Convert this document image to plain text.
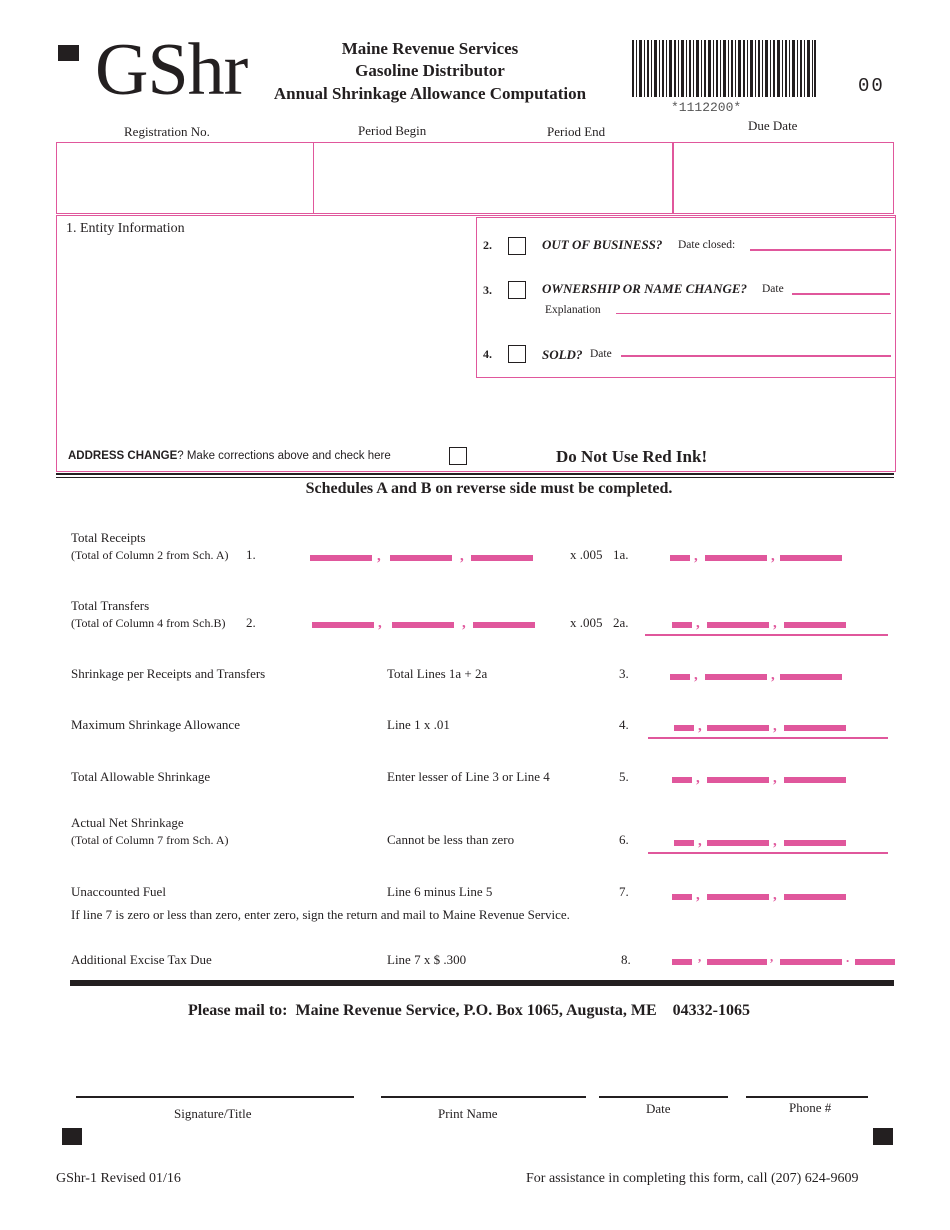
GShr	Maine Revenue Services
Gasoline Distributor
Annual Shrinkage Allowance Computation
*1112200*
00
Registration No.	Period Begin	Period End	Due Date
1. Entity Information
2.	OUT OF BUSINESS? Date closed:
3.	OWNERSHIP OR NAME CHANGE? Date
Explanation
4.	SOLD? Date
ADDRESS CHANGE? Make corrections above and check here	Do Not Use Red Ink!
Schedules A and B on reverse side must be completed.
Total Receipts
(Total of Column 2 from Sch. A) 1.	,	,	x .005 1a.	,	,
Total Transfers
(Total of Column 4 from Sch.B) 2.	,	,	x .005 2a.	,	,
Shrinkage per Receipts and Transfers	Total Lines 1a + 2a	3.	,	,
Maximum Shrinkage Allowance	Line 1 x .01	4.	,	,
Total Allowable Shrinkage	Enter lesser of Line 3 or Line 4	5.	,	,
Actual Net Shrinkage
(Total of Column 7 from Sch. A)	Cannot be less than zero	6.	,	,
Unaccounted Fuel	Line 6 minus Line 5	7.	,	,
If line 7 is zero or less than zero, enter zero, sign the return and mail to Maine Revenue Service.
Additional Excise Tax Due	Line 7 x $ .300	8.	,	,	.
Please mail to:  Maine Revenue Service, P.O. Box 1065, Augusta, ME    04332-1065
Signature/Title	Print Name	Date	Phone #
GShr-1 Revised 01/16	For assistance in completing this form, call (207) 624-9609
